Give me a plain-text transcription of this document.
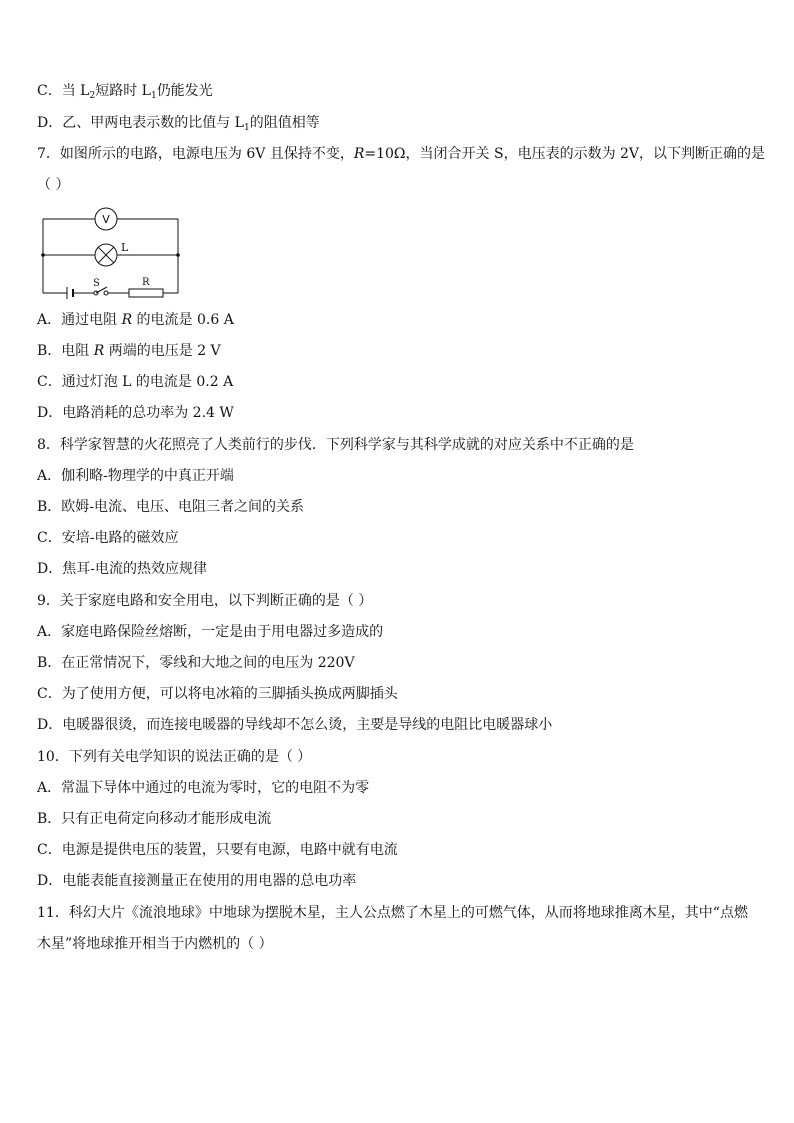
C．当 $L_2$短路时 $L_1$仍能发光
D．乙、甲两电表示数的比值与 $L_1$的阻值相等
7．如图所示的电路，电源电压为 6V 且保持不变，R=10Ω，当闭合开关 S，电压表的示数为 2V，以下判断正确的是
（ ）
V
L
S	R
A．通过电阻 R 的电流是 0.6 A
B．电阻 R 两端的电压是 2 V
C．通过灯泡 L 的电流是 0.2 A
D．电路消耗的总功率为 2.4 W
8．科学家智慧的火花照亮了人类前行的步伐．下列科学家与其科学成就的对应关系中不正确的是
A．伽利略-物理学的中真正开端
B．欧姆-电流、电压、电阻三者之间的关系
C．安培-电路的磁效应
D．焦耳-电流的热效应规律
9．关于家庭电路和安全用电，以下判断正确的是（ ）
A．家庭电路保险丝熔断，一定是由于用电器过多造成的
B．在正常情况下，零线和大地之间的电压为 220V
C．为了使用方便，可以将电冰箱的三脚插头换成两脚插头
D．电暖器很烫，而连接电暖器的导线却不怎么烫，主要是导线的电阻比电暖器球小
10．下列有关电学知识的说法正确的是（ ）
A．常温下导体中通过的电流为零时，它的电阻不为零
B．只有正电荷定向移动才能形成电流
C．电源是提供电压的装置，只要有电源，电路中就有电流
D．电能表能直接测量正在使用的用电器的总电功率
11．科幻大片《流浪地球》中地球为摆脱木星，主人公点燃了木星上的可燃气体，从而将地球推离木星，其中“点燃
木星”将地球推开相当于内燃机的（ ）
